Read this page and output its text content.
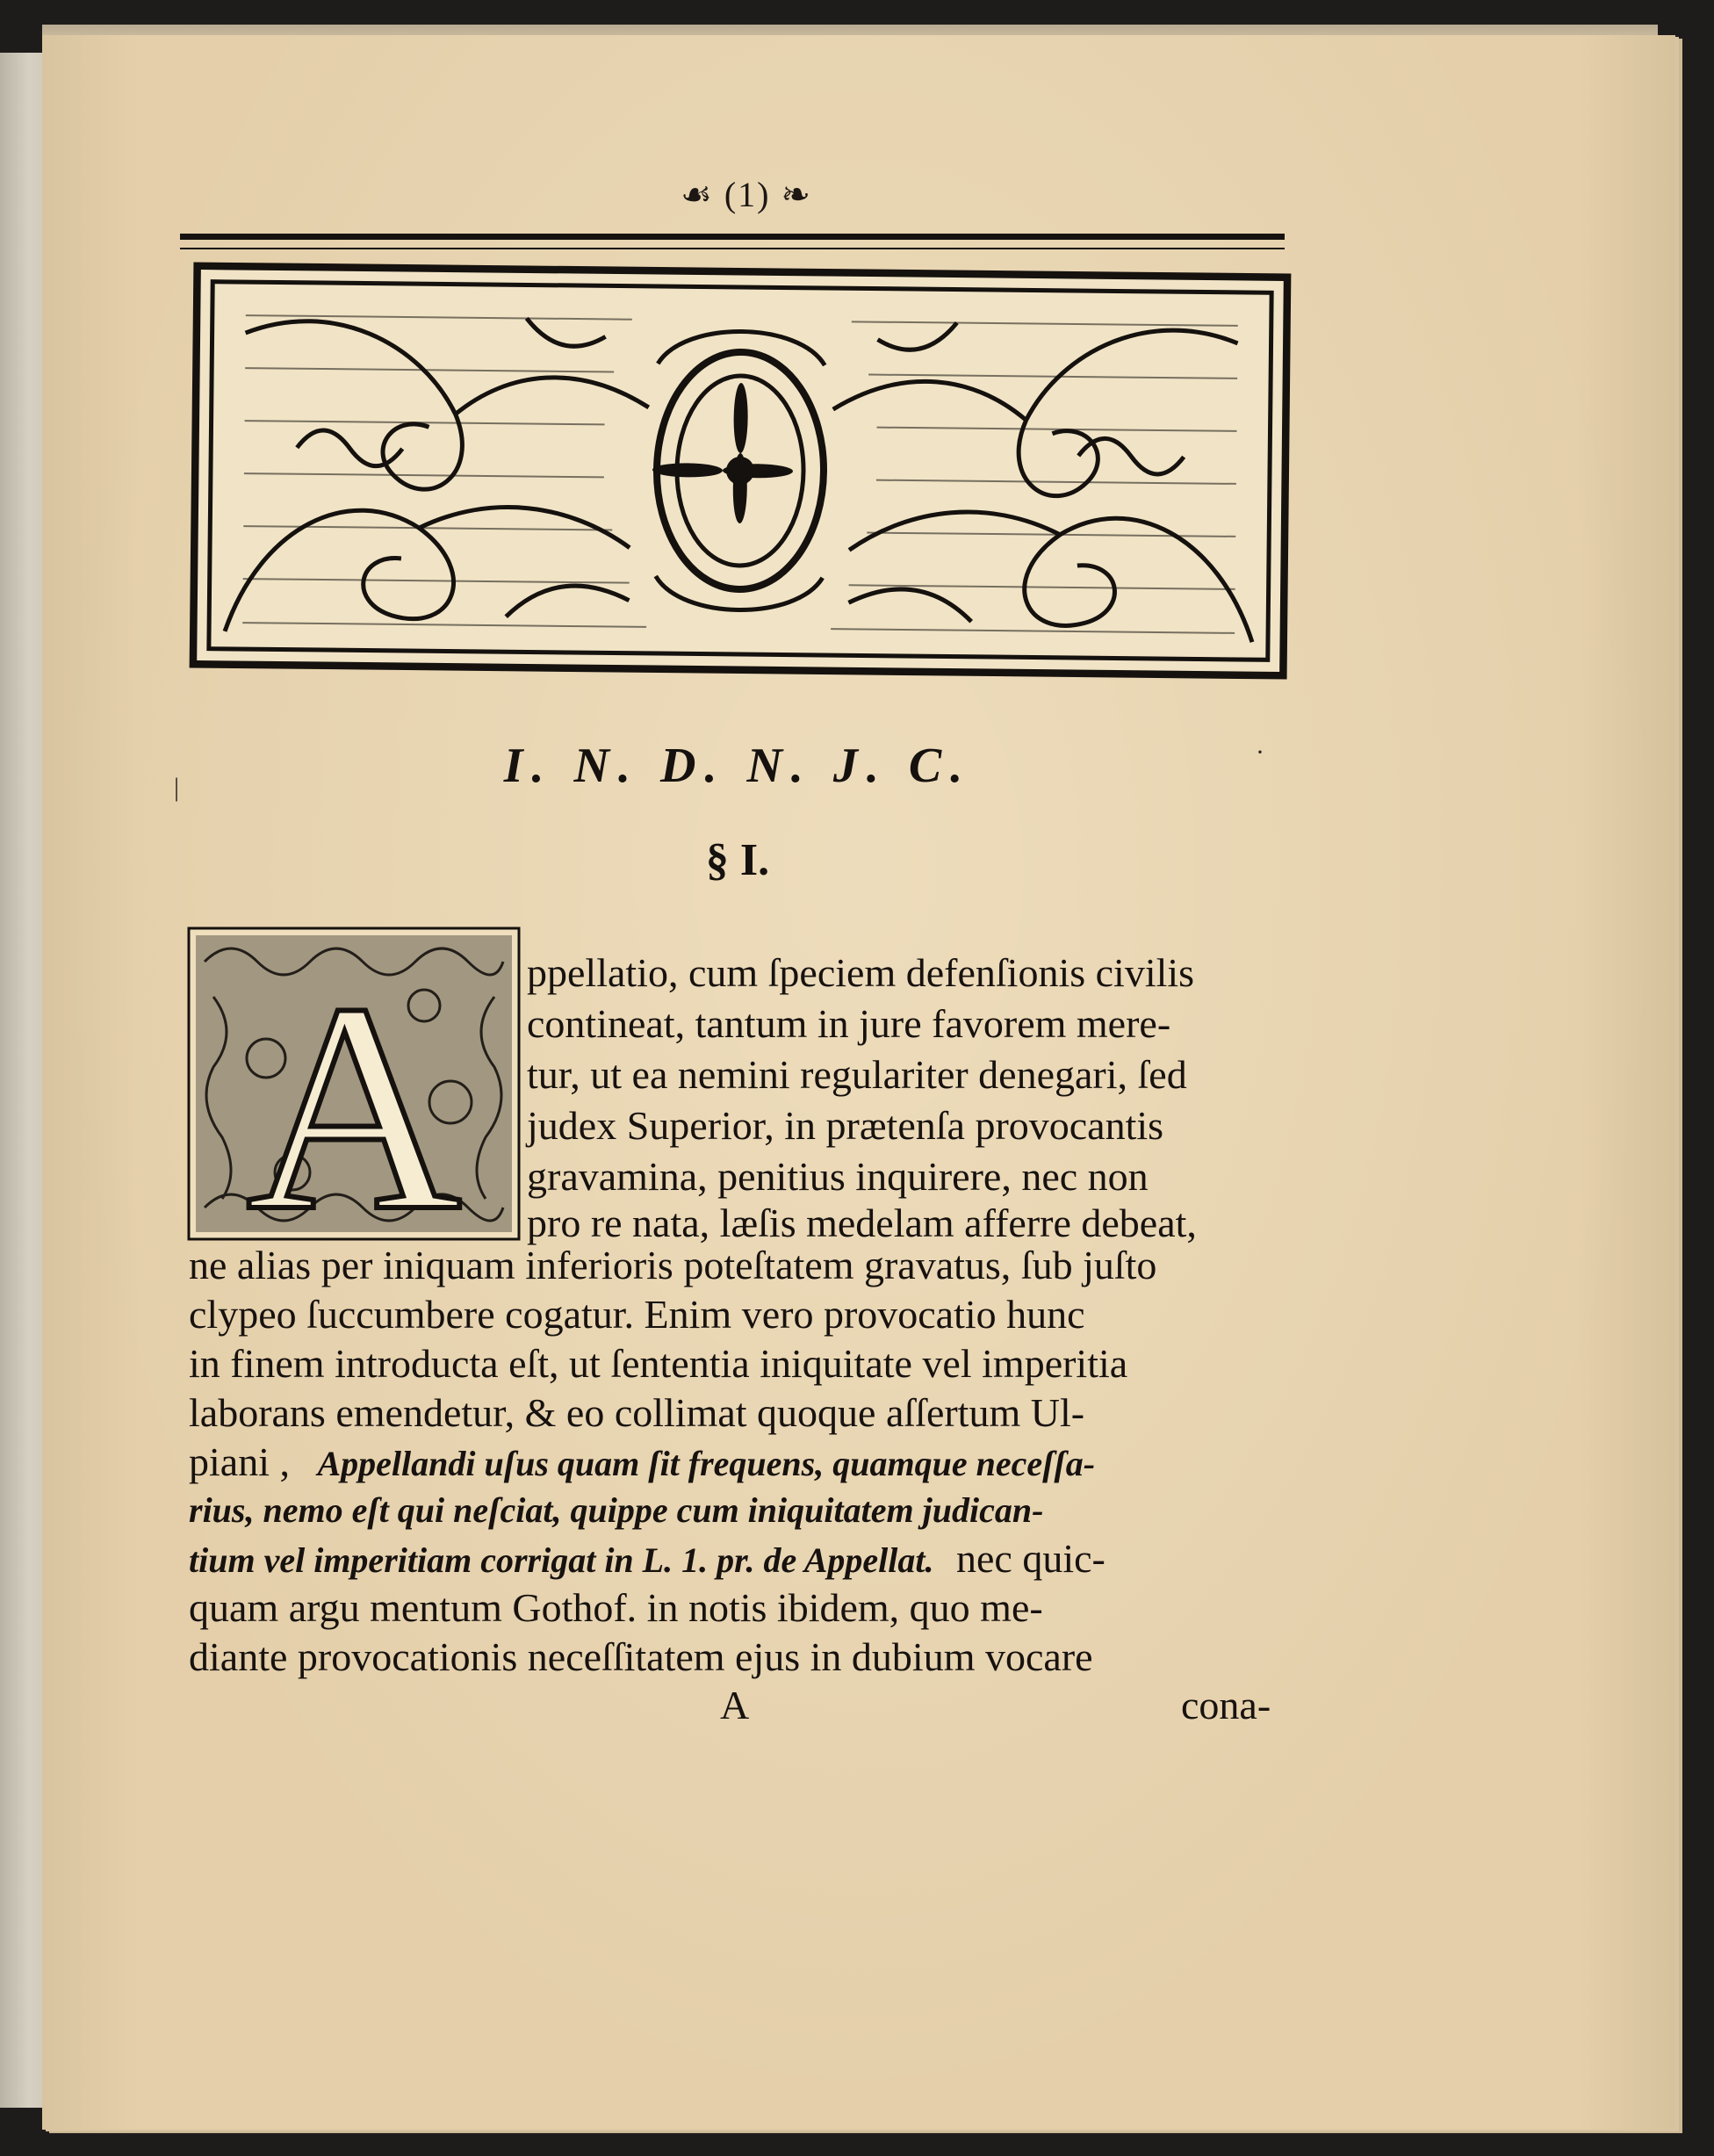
☙ (1) ❧
I. N. D. N. J. C.
§ I.
A ppellatio, cum ſpeciem defenſionis civilis
contineat, tantum in jure favorem mere-
tur, ut ea nemini regulariter denegari, ſed
judex Superior, in prætenſa provocantis
gravamina, penitius inquirere, nec non
pro re nata, læſis medelam afferre debeat,
ne alias per iniquam inferioris poteſtatem gravatus, ſub juſto
clypeo ſuccumbere cogatur. Enim vero provocatio hunc
in finem introducta eſt, ut ſententia iniquitate vel imperitia
laborans emendetur, & eo collimat quoque aſſertum Ul-
piani , Appellandi uſus quam ſit frequens, quamque neceſſa-
rius, nemo eſt qui neſciat, quippe cum iniquitatem judican-
tium vel imperitiam corrigat in L. 1. pr. de Appellat. nec quic-
quam argu mentum Gothof. in notis ibidem, quo me-
diante provocationis neceſſitatem ejus in dubium vocare
A	cona-
|
·
